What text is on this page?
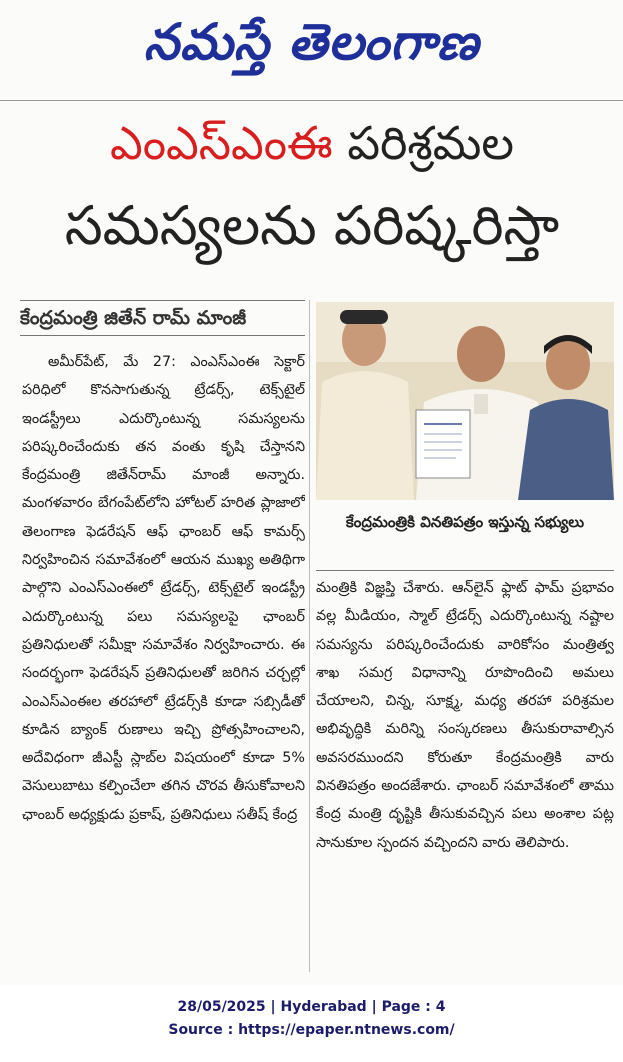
నమస్తే తెలంగాణ
ఎంఎస్ఎంఈ పరిశ్రమల
సమస్యలను పరిష్కరిస్తా
కేంద్రమంత్రి జితేన్ రామ్ మాంజీ

అమీర్‌పేట్, మే 27: ఎంఎస్ఎంఈ సెక్టార్ పరిధిలో కొనసాగుతున్న ట్రేడర్స్, టెక్స్‌టైల్ ఇండస్ట్రీలు ఎదుర్కొంటున్న సమస్యలను పరిష్కరించేందుకు తన వంతు కృషి చేస్తానని కేంద్రమంత్రి జితేన్‌రామ్ మాంజీ అన్నారు. మంగళవారం బేగంపేట్‌లోని హోటల్ హరిత ప్లాజాలో తెలంగాణ ఫెడరేషన్ ఆఫ్ ఛాంబర్ ఆఫ్ కామర్స్ నిర్వహించిన సమావేశంలో ఆయన ముఖ్య అతిథిగా పాల్గొని ఎంఎస్ఎంఈలో ట్రేడర్స్, టెక్స్‌టైల్ ఇండస్ట్రీ ఎదుర్కొంటున్న పలు సమస్యలపై ఛాంబర్ ప్రతినిధులతో సమీక్షా సమావేశం నిర్వహించారు. ఈ సందర్భంగా ఫెడరేషన్ ప్రతినిధులతో జరిగిన చర్చల్లో ఎంఎస్ఎంఈల తరహాలో ట్రేడర్స్‌కి కూడా సబ్సిడీతో కూడిన బ్యాంక్ రుణాలు ఇచ్చి ప్రోత్సహించాలని, అదేవిధంగా జీఎస్టీ స్లాబ్‌ల విషయంలో కూడా 5% వెసులుబాటు కల్పించేలా తగిన చొరవ తీసుకోవాలని ఛాంబర్ అధ్యక్షుడు ప్రకాష్, ప్రతినిధులు సతీష్ కేంద్ర

కేంద్రమంత్రికి వినతిపత్రం ఇస్తున్న సభ్యులు

మంత్రికి విజ్ఞప్తి చేశారు. ఆన్‌లైన్ ఫ్లాట్ ఫామ్ ప్రభావం వల్ల మీడియం, స్మాల్ ట్రేడర్స్ ఎదుర్కొంటున్న నష్టాల సమస్యను పరిష్కరించేందుకు వారికోసం మంత్రిత్వ శాఖ సమగ్ర విధానాన్ని రూపొందించి అమలు చేయాలని, చిన్న, సూక్ష్మ, మధ్య తరహా పరిశ్రమల అభివృద్ధికి మరిన్ని సంస్కరణలు తీసుకురావాల్సిన అవసరముందని కోరుతూ కేంద్రమంత్రికి వారు వినతిపత్రం అందజేశారు. ఛాంబర్ సమావేశంలో తాము కేంద్ర మంత్రి దృష్టికి తీసుకువచ్చిన పలు అంశాల పట్ల సానుకూల స్పందన వచ్చిందని వారు తెలిపారు.

28/05/2025 | Hyderabad | Page : 4
Source : https://epaper.ntnews.com/
